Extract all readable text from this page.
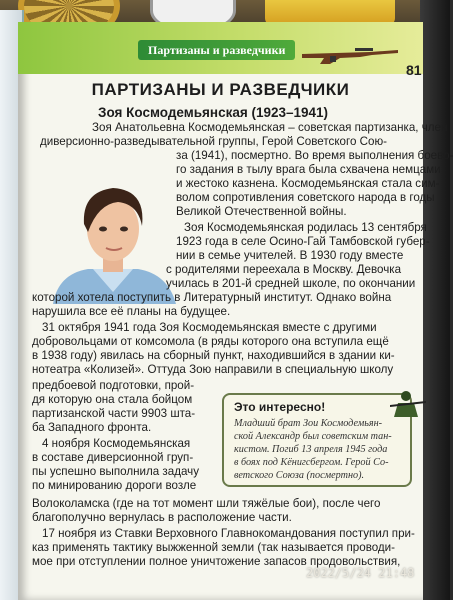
Партизаны и разведчики
81
ПАРТИЗАНЫ И РАЗВЕДЧИКИ
Зоя Космодемьянская (1923–1941)
Зоя Анатольевна Космодемьянская – советская партизанка, член
диверсионно-разведывательной группы, Герой Советского Сою-
за (1941), посмертно. Во время выполнения боево-
го задания в тылу врага была схвачена немцами
и жестоко казнена. Космодемьянская стала сим-
волом сопротивления советского народа в годы
Великой Отечественной войны.
Зоя Космодемьянская родилась 13 сентября
1923 года в селе Осино-Гай Тамбовской губер-
нии в семье учителей. В 1930 году вместе
с родителями переехала в Москву. Девочка
училась в 201-й средней школе, по окончании
которой хотела поступить в Литературный институт. Однако война
нарушила все её планы на будущее.
31 октября 1941 года Зоя Космодемьянская вместе с другими
добровольцами от комсомола (в ряды которого она вступила ещё
в 1938 году) явилась на сборный пункт, находившийся в здании ки-
нотеатра «Колизей». Оттуда Зою направили в специальную школу
предбоевой подготовки, прой-
дя которую она стала бойцом
партизанской части 9903 шта-
ба Западного фронта.
4 ноября Космодемьянская
в составе диверсионной груп-
пы успешно выполнила задачу
по минированию дороги возле
Волоколамска (где на тот момент шли тяжёлые бои), после чего
благополучно вернулась в расположение части.
17 ноября из Ставки Верховного Главнокомандования поступил при-
каз применять тактику выжженной земли (так называется проводи-
мое при отступлении полное уничтожение запасов продовольствия,
Это интересно!
Младший брат Зои Космодемьян-
ской Александр был советским тан-
кистом. Погиб 13 апреля 1945 года
в боях под Кёнигсбергом. Герой Со-
ветского Союза (посмертно).
2022/5/24 21:48
